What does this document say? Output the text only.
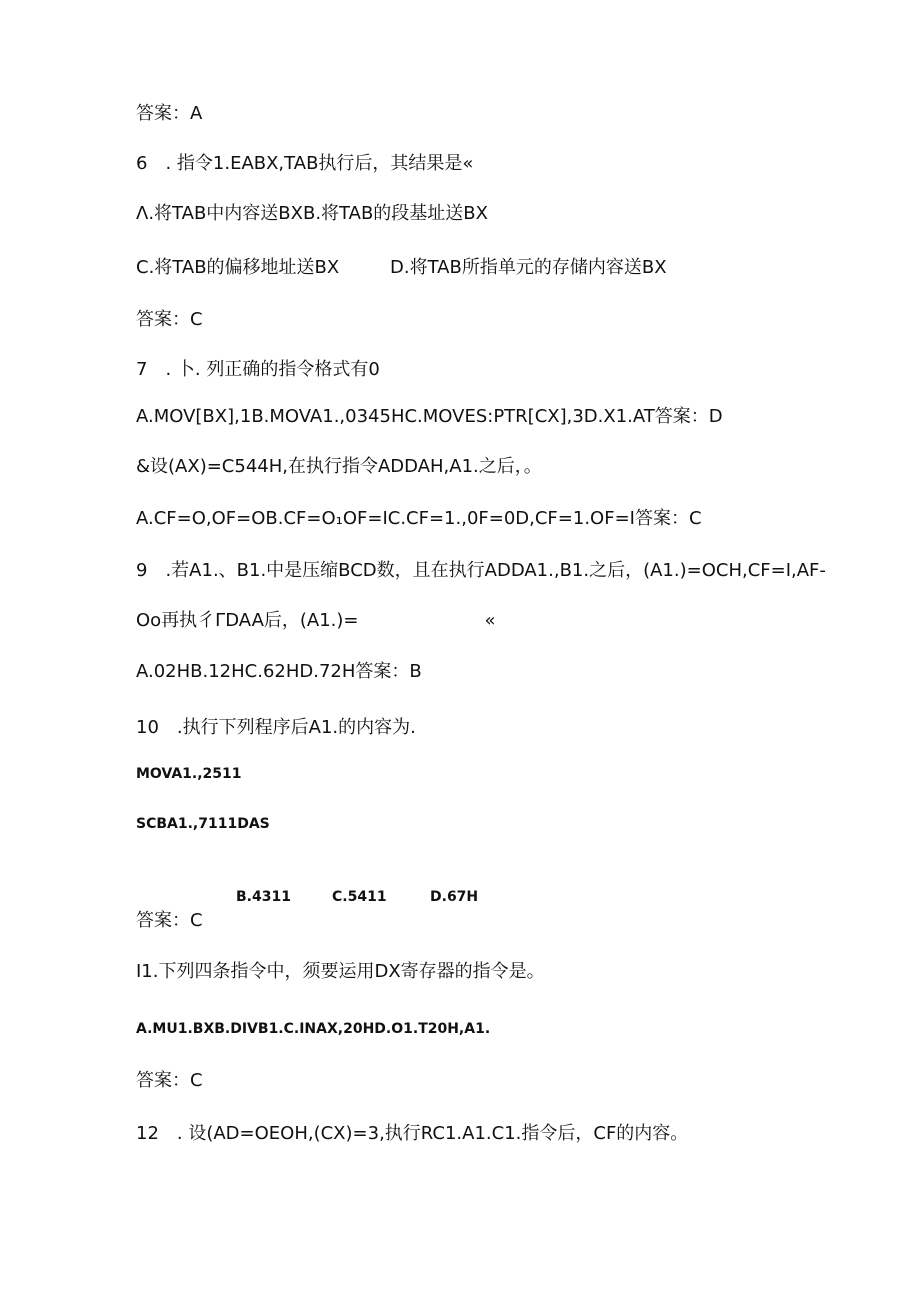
答案：A

6　. 指令1.EABX,TAB执行后，其结果是«

Λ.将TAB中内容送BXB.将TAB的段基址送BX

C.将TAB的偏移地址送BX	D.将TAB所指单元的存储内容送BX

答案：C

7　. 卜. 列正确的指令格式有0

A.MOV[BX],1B.MOVA1.,0345HC.MOVES:PTR[CX],3D.X1.AT答案：D

&设(AX)=C544H,在执行指令ADDAH,A1.之后，。

A.CF=O,OF=OB.CF=O₁OF=IC.CF=1.,0F=0D,CF=1.OF=I答案：C

9　.若A1.、B1.中是压缩BCD数，且在执行ADDA1.,B1.之后，(A1.)=OCH,CF=I,AF-

Oo再执彳ΓDAA后，(A1.)=　　　　　　　«

A.02HB.12HC.62HD.72H答案：B

10　.执行下列程序后A1.的内容为.

MOVA1.,2511

SCBA1.,7111DAS

B.4311	C.5411	D.67H

答案：C

I1.下列四条指令中，须要运用DX寄存器的指令是。

A.MU1.BXB.DIVB1.C.INAX,20HD.O1.T20H,A1.

答案：C

12　. 设(AD=OEOH,(CX)=3,执行RC1.A1.C1.指令后，CF的内容。
